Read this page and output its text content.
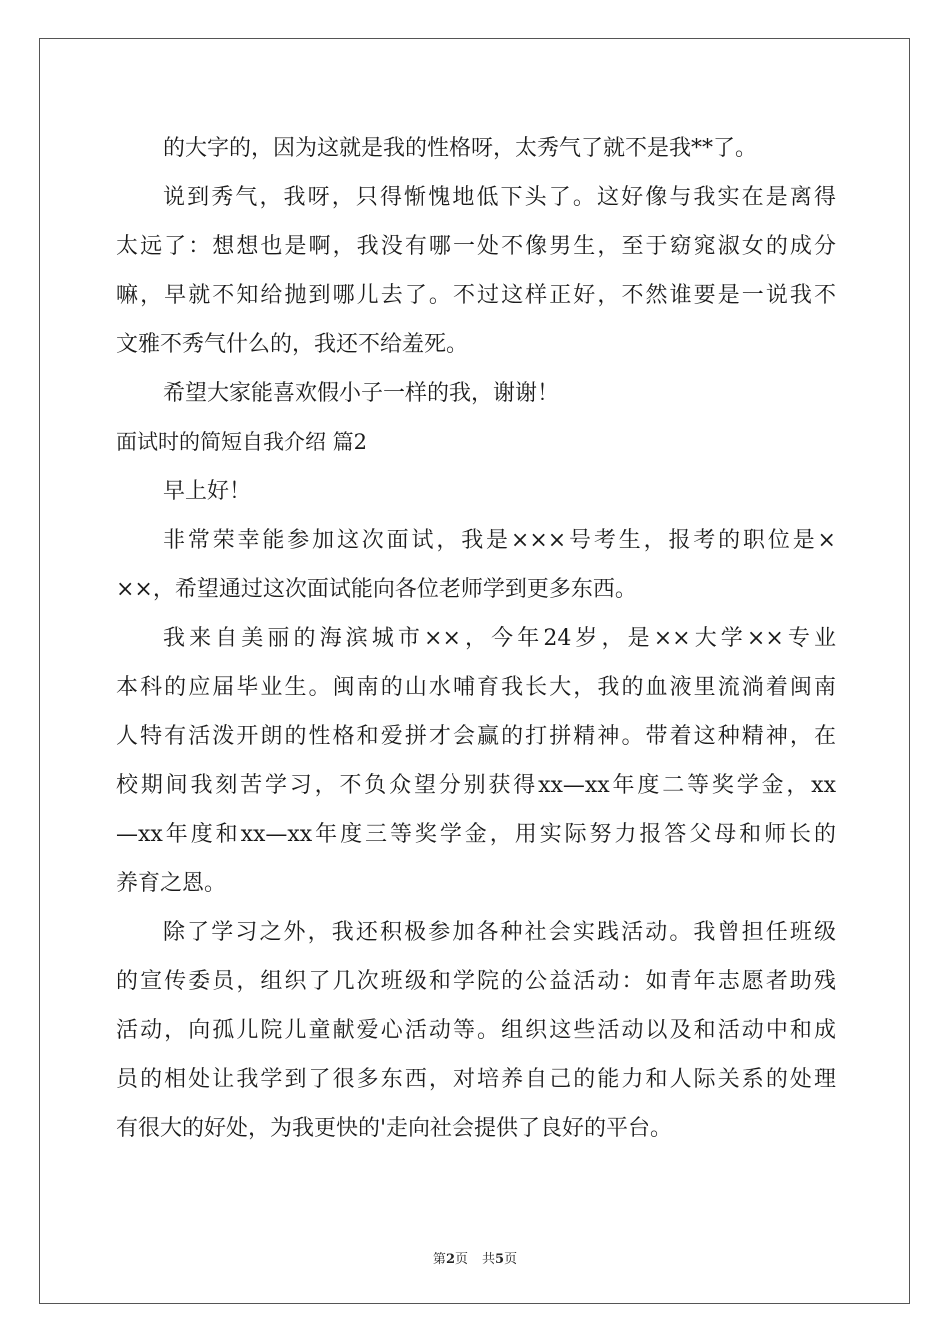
的大字的，因为这就是我的性格呀，太秀气了就不是我**了。
说到秀气，我呀，只得惭愧地低下头了。这好像与我实在是离得
太远了：想想也是啊，我没有哪一处不像男生，至于窈窕淑女的成分
嘛，早就不知给抛到哪儿去了。不过这样正好，不然谁要是一说我不
文雅不秀气什么的，我还不给羞死。
希望大家能喜欢假小子一样的我，谢谢！
面试时的简短自我介绍 篇2
早上好！
非常荣幸能参加这次面试，我是×××号考生，报考的职位是×
××，希望通过这次面试能向各位老师学到更多东西。
我来自美丽的海滨城市××，今年24岁，是××大学××专业
本科的应届毕业生。闽南的山水哺育我长大，我的血液里流淌着闽南
人特有活泼开朗的性格和爱拼才会赢的打拼精神。带着这种精神，在
校期间我刻苦学习，不负众望分别获得xx—xx年度二等奖学金，xx
—xx年度和xx—xx年度三等奖学金，用实际努力报答父母和师长的
养育之恩。
除了学习之外，我还积极参加各种社会实践活动。我曾担任班级
的宣传委员，组织了几次班级和学院的公益活动：如青年志愿者助残
活动，向孤儿院儿童献爱心活动等。组织这些活动以及和活动中和成
员的相处让我学到了很多东西，对培养自己的能力和人际关系的处理
有很大的好处，为我更快的'走向社会提供了良好的平台。
第2页 共5页
